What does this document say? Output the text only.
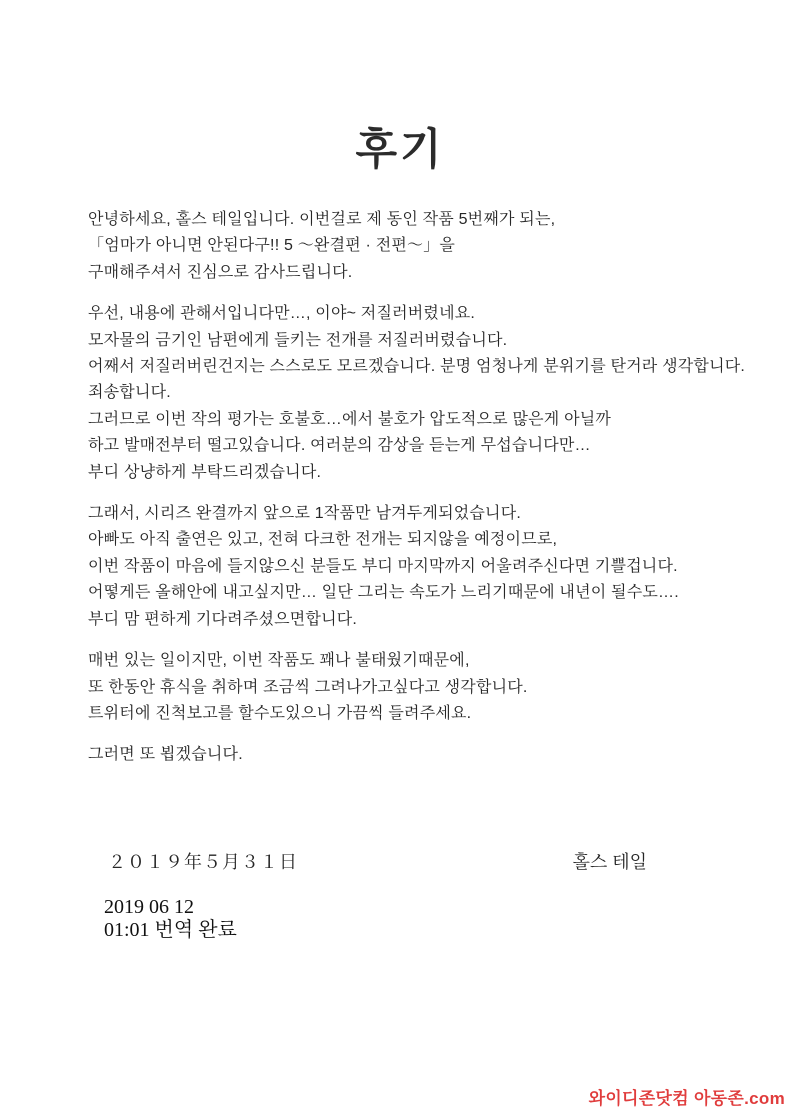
후기
안녕하세요, 홀스 테일입니다. 이번걸로 제 동인 작품 5번째가 되는,
「엄마가 아니면 안된다구!! 5 ～완결편 · 전편～」을
구매해주셔서 진심으로 감사드립니다.
우선, 내용에 관해서입니다만…, 이야~ 저질러버렸네요.
모자물의 금기인 남편에게 들키는 전개를 저질러버렸습니다.
어째서 저질러버린건지는 스스로도 모르겠습니다. 분명 엄청나게 분위기를 탄거라 생각합니다.
죄송합니다.
그러므로 이번 작의 평가는 호불호…에서 불호가 압도적으로 많은게 아닐까
하고 발매전부터 떨고있습니다. 여러분의 감상을 듣는게 무섭습니다만…
부디 상냥하게 부탁드리겠습니다.
그래서, 시리즈 완결까지 앞으로 1작품만 남겨두게되었습니다.
아빠도 아직 출연은 있고, 전혀 다크한 전개는 되지않을 예정이므로,
이번 작품이 마음에 들지않으신 분들도 부디 마지막까지 어울려주신다면 기쁠겁니다.
어떻게든 올해안에 내고싶지만… 일단 그리는 속도가 느리기때문에 내년이 될수도….
부디 맘 편하게 기다려주셨으면합니다.
매번 있는 일이지만, 이번 작품도 꽤나 불태웠기때문에,
또 한동안 휴식을 취하며 조금씩 그려나가고싶다고 생각합니다.
트위터에 진척보고를 할수도있으니 가끔씩 들려주세요.
그러면 또 뵙겠습니다.
２０１９年５月３１日	홀스 테일
2019 06 12
01:01 번역 완료
와이디존닷컴 아동존.com
